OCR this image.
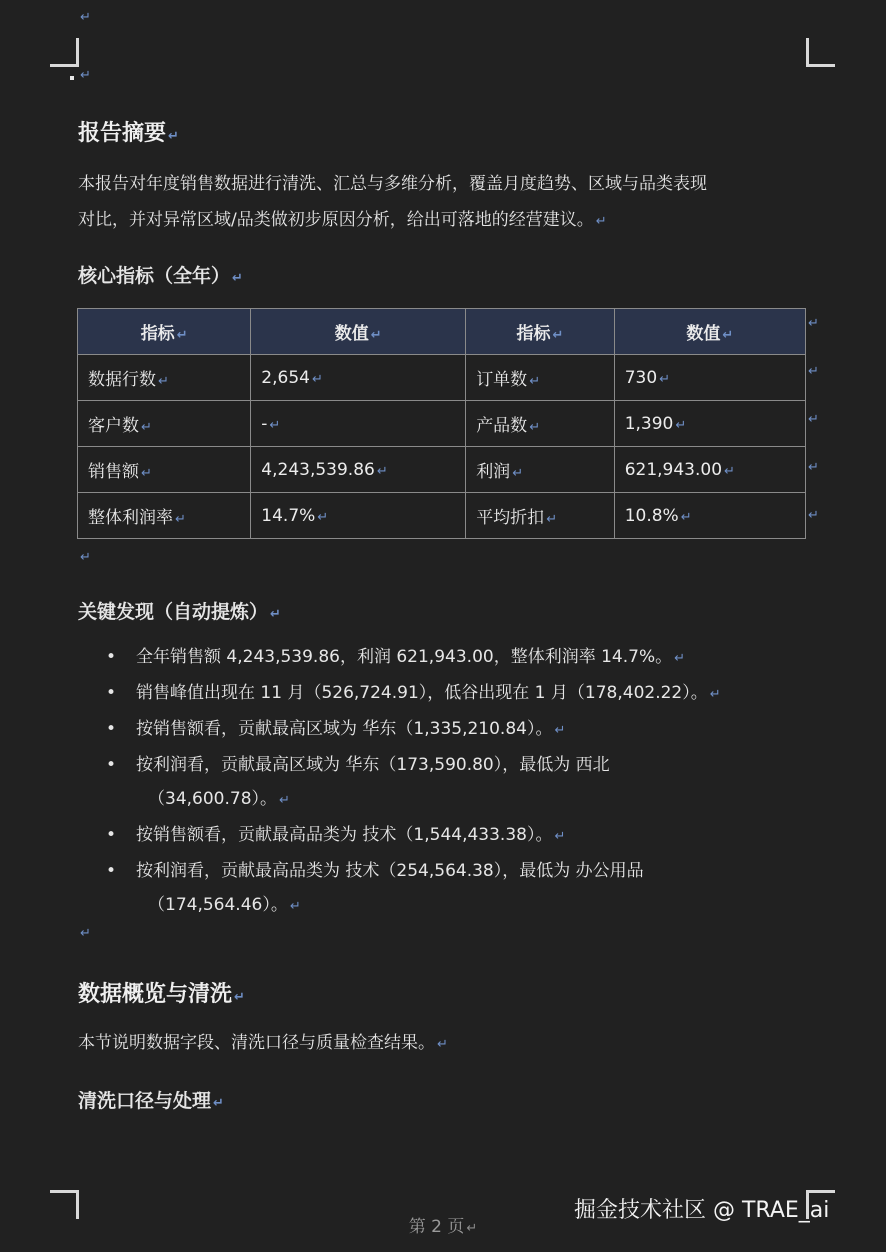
↵
↵
报告摘要 ↵
本报告对年度销售数据进行清洗、汇总与多维分析，覆盖月度趋势、区域与品类表现
对比，并对异常区域/品类做初步原因分析，给出可落地的经营建议。 ↵
核心指标（全年） ↵
指标 ↵	数值 ↵	指标 ↵	数值 ↵
数据行数 ↵	2,654 ↵	订单数 ↵	730 ↵
客户数 ↵	- ↵	产品数 ↵	1,390 ↵
销售额 ↵	4,243,539.86 ↵	利润 ↵	621,943.00 ↵
整体利润率 ↵	14.7% ↵	平均折扣 ↵	10.8% ↵
↵
↵
↵
↵
↵
↵
关键发现（自动提炼） ↵
• 全年销售额 4,243,539.86，利润 621,943.00，整体利润率 14.7%。 ↵
• 销售峰值出现在 11 月（526,724.91），低谷出现在 1 月（178,402.22）。 ↵
• 按销售额看，贡献最高区域为 华东（1,335,210.84）。 ↵
• 按利润看，贡献最高区域为 华东（173,590.80），最低为 西北
（34,600.78）。 ↵
• 按销售额看，贡献最高品类为 技术（1,544,433.38）。 ↵
• 按利润看，贡献最高品类为 技术（254,564.38），最低为 办公用品
（174,564.46）。 ↵
↵
数据概览与清洗 ↵
本节说明数据字段、清洗口径与质量检查结果。 ↵
清洗口径与处理 ↵
第 2 页 ↵
掘金技术社区 @ TRAE_ai
